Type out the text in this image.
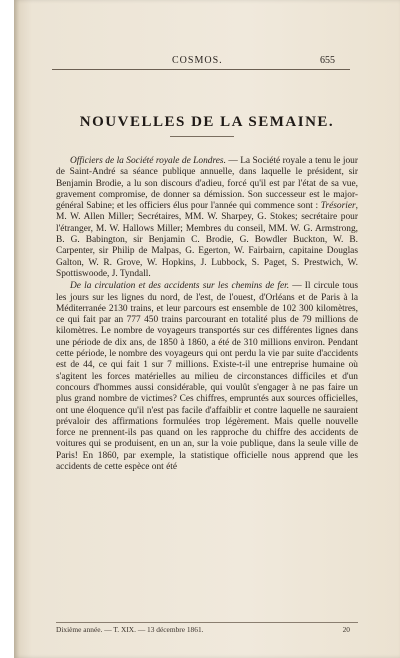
COSMOS.	655
NOUVELLES DE LA SEMAINE.

Officiers de la Société royale de Londres. — La Société royale a tenu le jour de Saint-André sa séance publique annuelle, dans laquelle le président, sir Benjamin Brodie, a lu son discours d'adieu, forcé qu'il est par l'état de sa vue, gravement compromise, de donner sa démission. Son successeur est le major-général Sabine; et les officiers élus pour l'année qui commence sont : Trésorier, M. W. Allen Miller; Secrétaires, MM. W. Sharpey, G. Stokes; secrétaire pour l'étranger, M. W. Hallows Miller; Membres du conseil, MM. W. G. Armstrong, B. G. Babington, sir Benjamin C. Brodie, G. Bowdler Buckton, W. B. Carpenter, sir Philip de Malpas, G. Egerton, W. Fairbairn, capitaine Douglas Galton, W. R. Grove, W. Hopkins, J. Lubbock, S. Paget, S. Prestwich, W. Spottiswoode, J. Tyndall.

De la circulation et des accidents sur les chemins de fer. — Il circule tous les jours sur les lignes du nord, de l'est, de l'ouest, d'Orléans et de Paris à la Méditerranée 2130 trains, et leur parcours est ensemble de 102 300 kilomètres, ce qui fait par an 777 450 trains parcourant en totalité plus de 79 millions de kilomètres. Le nombre de voyageurs transportés sur ces différentes lignes dans une période de dix ans, de 1850 à 1860, a été de 310 millions environ. Pendant cette période, le nombre des voyageurs qui ont perdu la vie par suite d'accidents est de 44, ce qui fait 1 sur 7 millions. Existe-t-il une entreprise humaine où s'agitent les forces matérielles au milieu de circonstances difficiles et d'un concours d'hommes aussi considérable, qui voulût s'engager à ne pas faire un plus grand nombre de victimes? Ces chiffres, empruntés aux sources officielles, ont une éloquence qu'il n'est pas facile d'affaiblir et contre laquelle ne sauraient prévaloir des affirmations formulées trop légèrement. Mais quelle nouvelle force ne prennent-ils pas quand on les rapproche du chiffre des accidents de voitures qui se produisent, en un an, sur la voie publique, dans la seule ville de Paris! En 1860, par exemple, la statistique officielle nous apprend que les accidents de cette espèce ont été

Dixième année. — T. XIX. — 13 décembre 1861.	20
